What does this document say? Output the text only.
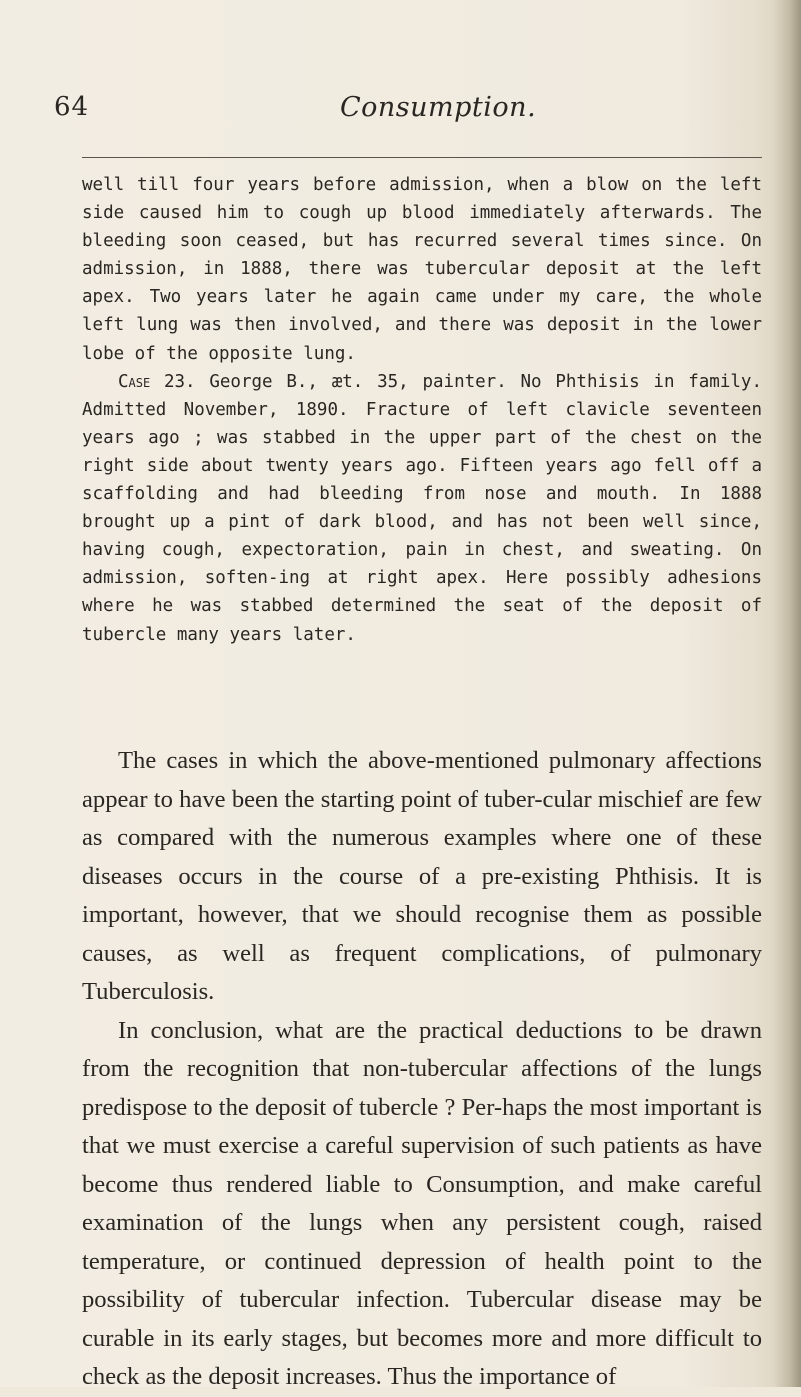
64	Consumption.

well till four years before admission, when a blow on the left side caused him to cough up blood immediately afterwards. The bleeding soon ceased, but has recurred several times since. On admission, in 1888, there was tubercular deposit at the left apex. Two years later he again came under my care, the whole left lung was then involved, and there was deposit in the lower lobe of the opposite lung.

Case 23. George B., æt. 35, painter. No Phthisis in family. Admitted November, 1890. Fracture of left clavicle seventeen years ago ; was stabbed in the upper part of the chest on the right side about twenty years ago. Fifteen years ago fell off a scaffolding and had bleeding from nose and mouth. In 1888 brought up a pint of dark blood, and has not been well since, having cough, expectoration, pain in chest, and sweating. On admission, soften-ing at right apex. Here possibly adhesions where he was stabbed determined the seat of the deposit of tubercle many years later.

The cases in which the above-mentioned pulmonary affections appear to have been the starting point of tuber-cular mischief are few as compared with the numerous examples where one of these diseases occurs in the course of a pre-existing Phthisis. It is important, however, that we should recognise them as possible causes, as well as frequent complications, of pulmonary Tuberculosis.

In conclusion, what are the practical deductions to be drawn from the recognition that non-tubercular affections of the lungs predispose to the deposit of tubercle ? Per-haps the most important is that we must exercise a careful supervision of such patients as have become thus rendered liable to Consumption, and make careful examination of the lungs when any persistent cough, raised temperature, or continued depression of health point to the possibility of tubercular infection. Tubercular disease may be curable in its early stages, but becomes more and more difficult to check as the deposit increases. Thus the importance of
